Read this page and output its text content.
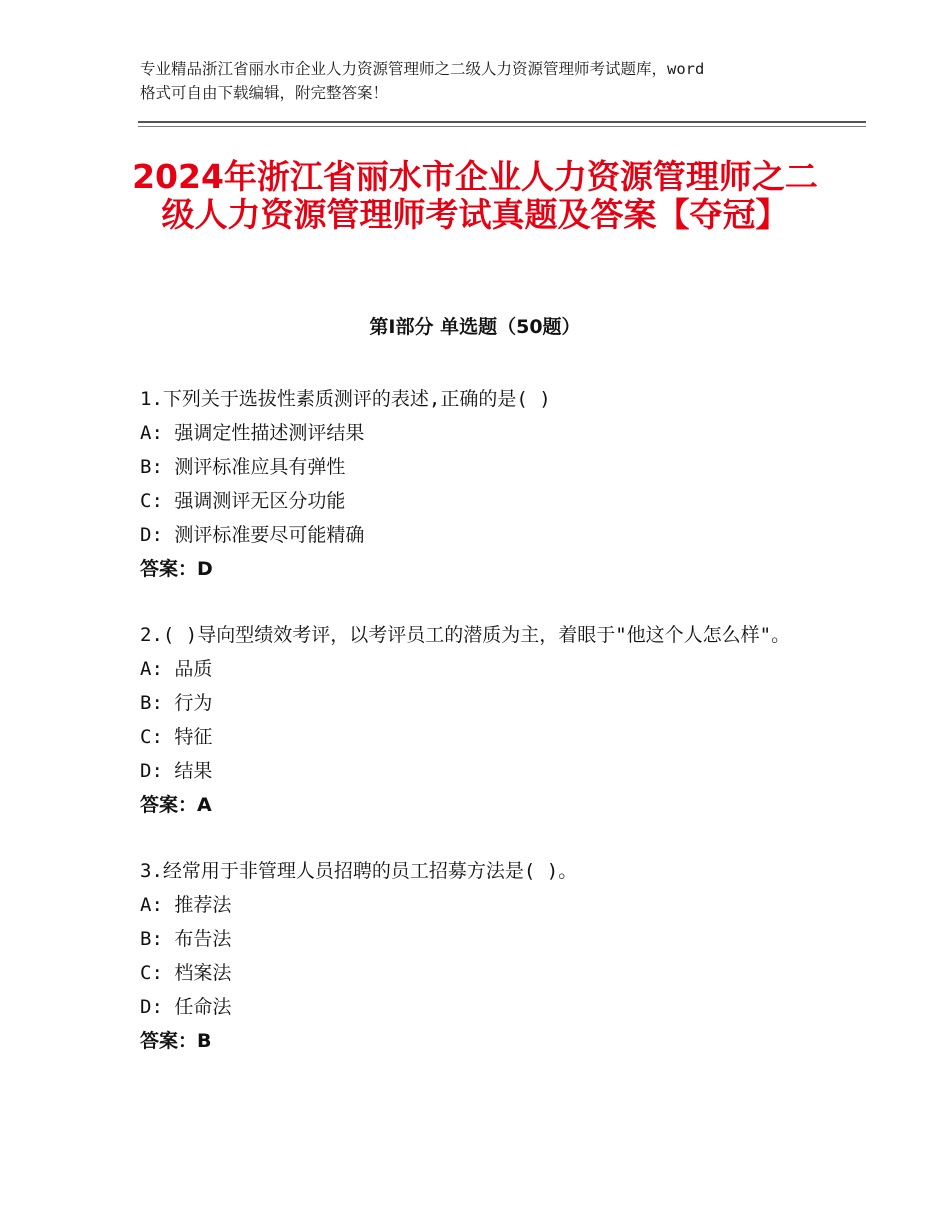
专业精品浙江省丽水市企业人力资源管理师之二级人力资源管理师考试题库，word
格式可自由下载编辑，附完整答案！
2024年浙江省丽水市企业人力资源管理师之二级人力资源管理师考试真题及答案【夺冠】
第Ⅰ部分 单选题（50题）

1.下列关于选拔性素质测评的表述,正确的是( )

A: 强调定性描述测评结果

B: 测评标准应具有弹性

C: 强调测评无区分功能

D: 测评标准要尽可能精确

答案：D

2.( )导向型绩效考评，以考评员工的潜质为主，着眼于"他这个人怎么样"。

A: 品质

B: 行为

C: 特征

D: 结果

答案：A

3.经常用于非管理人员招聘的员工招募方法是( )。

A: 推荐法

B: 布告法

C: 档案法

D: 任命法

答案：B
